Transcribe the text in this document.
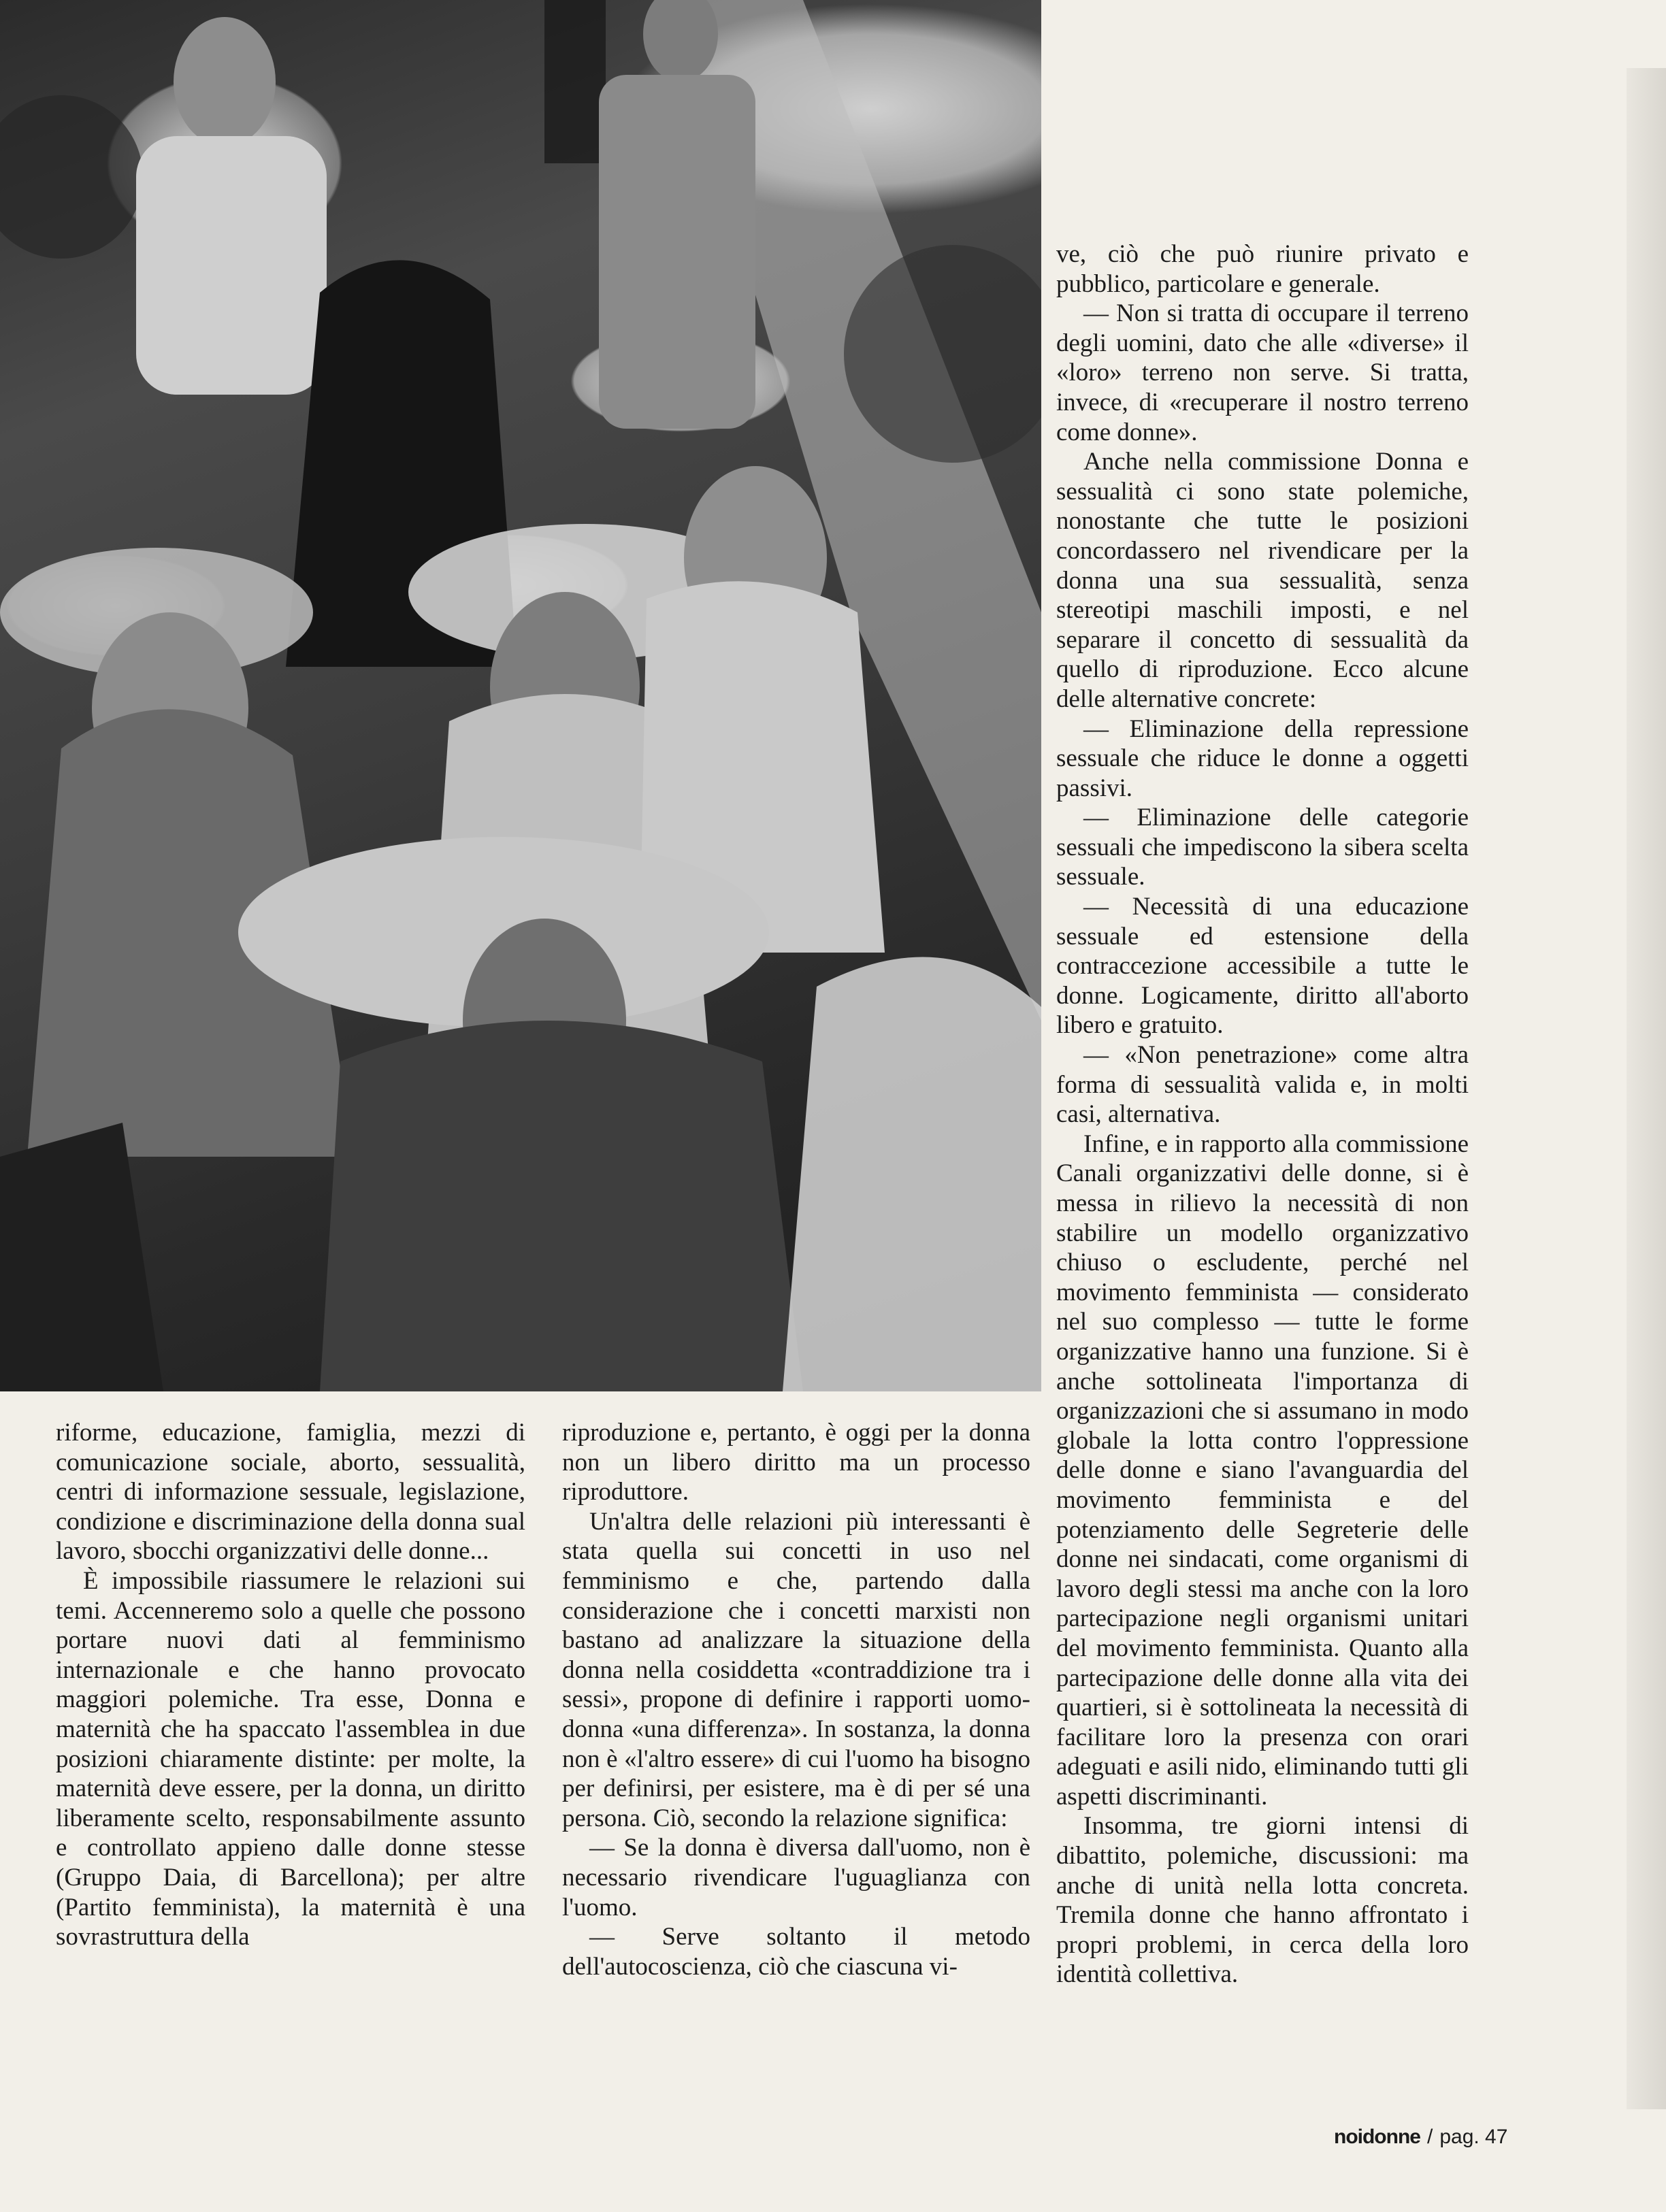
ve, ciò che può riunire privato e pubblico, particolare e generale.

— Non si tratta di occupare il terreno degli uomini, dato che alle «diverse» il «loro» terreno non serve. Si tratta, invece, di «recuperare il nostro terreno come donne».

Anche nella commissione Donna e sessualità ci sono state polemiche, nonostante che tutte le posizioni concordassero nel rivendicare per la donna una sua sessualità, senza stereotipi maschili imposti, e nel separare il concetto di sessualità da quello di riproduzione. Ecco alcune delle alternative concrete:

— Eliminazione della repressione sessuale che riduce le donne a oggetti passivi.

— Eliminazione delle categorie sessuali che impediscono la sibera scelta sessuale.

— Necessità di una educazione sessuale ed estensione della contraccezione accessibile a tutte le donne. Logicamente, diritto all'aborto libero e gratuito.

— «Non penetrazione» come altra forma di sessualità valida e, in molti casi, alternativa.

Infine, e in rapporto alla commissione Canali organizzativi delle donne, si è messa in rilievo la necessità di non stabilire un modello organizzativo chiuso o escludente, perché nel movimento femminista — considerato nel suo complesso — tutte le forme organizzative hanno una funzione. Si è anche sottolineata l'importanza di organizzazioni che si assumano in modo globale la lotta contro l'oppressione delle donne e siano l'avanguardia del movimento femminista e del potenziamento delle Segreterie delle donne nei sindacati, come organismi di lavoro degli stessi ma anche con la loro partecipazione negli organismi unitari del movimento femminista. Quanto alla partecipazione delle donne alla vita dei quartieri, si è sottolineata la necessità di facilitare loro la presenza con orari adeguati e asili nido, eliminando tutti gli aspetti discriminanti.

Insomma, tre giorni intensi di dibattito, polemiche, discussioni: ma anche di unità nella lotta concreta. Tremila donne che hanno affrontato i propri problemi, in cerca della loro identità collettiva.

riforme, educazione, famiglia, mezzi di comunicazione sociale, aborto, sessualità, centri di informazione sessuale, legislazione, condizione e discriminazione della donna sual lavoro, sbocchi organizzativi delle donne...

È impossibile riassumere le relazioni sui temi. Accenneremo solo a quelle che possono portare nuovi dati al femminismo internazionale e che hanno provocato maggiori polemiche. Tra esse, Donna e maternità che ha spaccato l'assemblea in due posizioni chiaramente distinte: per molte, la maternità deve essere, per la donna, un diritto liberamente scelto, responsabilmente assunto e controllato appieno dalle donne stesse (Gruppo Daia, di Barcellona); per altre (Partito femminista), la maternità è una sovrastruttura della

riproduzione e, pertanto, è oggi per la donna non un libero diritto ma un processo riproduttore.

Un'altra delle relazioni più interessanti è stata quella sui concetti in uso nel femminismo e che, partendo dalla considerazione che i concetti marxisti non bastano ad analizzare la situazione della donna nella cosiddetta «contraddizione tra i sessi», propone di definire i rapporti uomo-donna «una differenza». In sostanza, la donna non è «l'altro essere» di cui l'uomo ha bisogno per definirsi, per esistere, ma è di per sé una persona. Ciò, secondo la relazione significa:

— Se la donna è diversa dall'uomo, non è necessario rivendicare l'uguaglianza con l'uomo.

— Serve soltanto il metodo dell'autocoscienza, ciò che ciascuna vi-

noidonne / pag. 47
